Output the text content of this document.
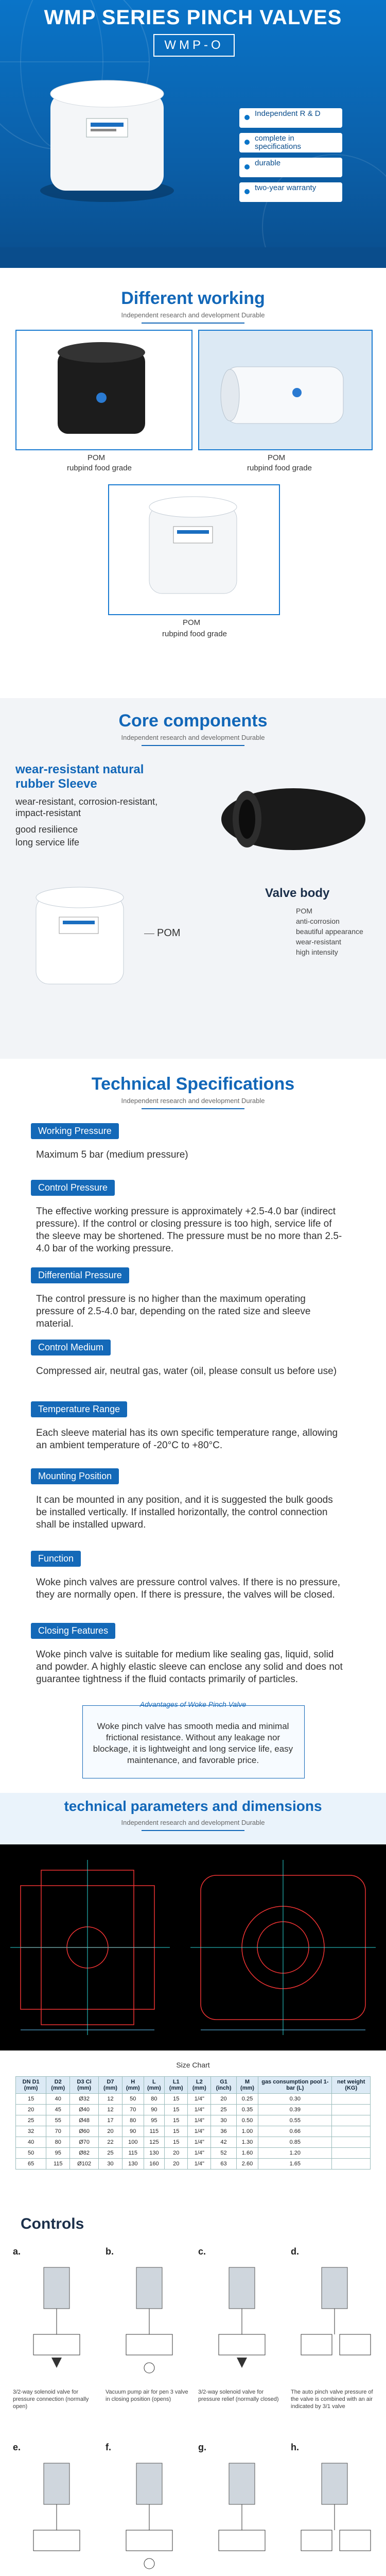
WMP SERIES PINCH VALVES
WMP-O
Independent R & D
complete in specifications
durable
two-year warranty
Different working
Independent research and development Durable
POM
rubpind food grade
POM
rubpind food grade
POM
rubpind food grade
Core components
Independent research and development Durable
wear-resistant natural rubber Sleeve
wear-resistant, corrosion-resistant, impact-resistant
good resilience
long service life
POM
Valve body
POM
anti-corrosion
beautiful appearance
wear-resistant
high intensity
Technical Specifications
Independent research and development Durable
Working Pressure
Maximum 5 bar (medium pressure)
Control Pressure
The effective working pressure is approximately +2.5-4.0 bar (indirect pressure). If the control or closing pressure is too high, service life of the sleeve may be shortened. The pressure must be no more than 2.5-4.0 bar of the working pressure.
Differential Pressure
The control pressure is no higher than the maximum operating pressure of 2.5-4.0 bar, depending on the rated size and sleeve material.
Control Medium
Compressed air, neutral gas, water (oil, please consult us before use)
Temperature Range
Each sleeve material has its own specific temperature range, allowing an ambient temperature of -20°C to +80°C.
Mounting Position
It can be mounted in any position, and it is suggested the bulk goods be installed vertically. If installed horizontally, the control connection shall be installed upward.
Function
Woke pinch valves are pressure control valves. If there is no pressure, they are normally open. If there is pressure, the valves will be closed.
Closing Features
Woke pinch valve is suitable for medium like sealing gas, liquid, solid and powder. A highly elastic sleeve can enclose any solid and does not guarantee tightness if the fluid contacts primarily of particles.
Advantages of Woke Pinch Valve
Woke pinch valve has smooth media and minimal frictional resistance. Without any leakage nor blockage, it is lightweight and long service life, easy maintenance, and favorable price.
technical parameters and dimensions
Independent research and development Durable
Size Chart
DN D1 (mm)	D2 (mm)	D3 Ci (mm)	D7 (mm)	H (mm)	L (mm)	L1 (mm)	L2 (mm)	G1 (inch)	M (mm)	gas consumption pool 1-bar (L)	net weight (KG)
15	40	Ø32	12	50	80	15	1/4"	20	0.25	0.30	
20	45	Ø40	12	70	90	15	1/4"	25	0.35	0.39	
25	55	Ø48	17	80	95	15	1/4"	30	0.50	0.55	
32	70	Ø60	20	90	115	15	1/4"	36	1.00	0.66	
40	80	Ø70	22	100	125	15	1/4"	42	1.30	0.85	
50	95	Ø82	25	115	130	20	1/4"	52	1.60	1.20	
65	115	Ø102	30	130	160	20	1/4"	63	2.60	1.65	
Controls
a.
3/2-way solenoid valve for pressure connection (normally open)
b.
Vacuum pump air for pen 3 valve in closing position (opens)
c.
3/2-way solenoid valve for pressure relief (normally closed)
d.
The auto pinch valve pressure of the valve is combined with an air indicated by 3/1 valve
e.	f.	g.	h.
